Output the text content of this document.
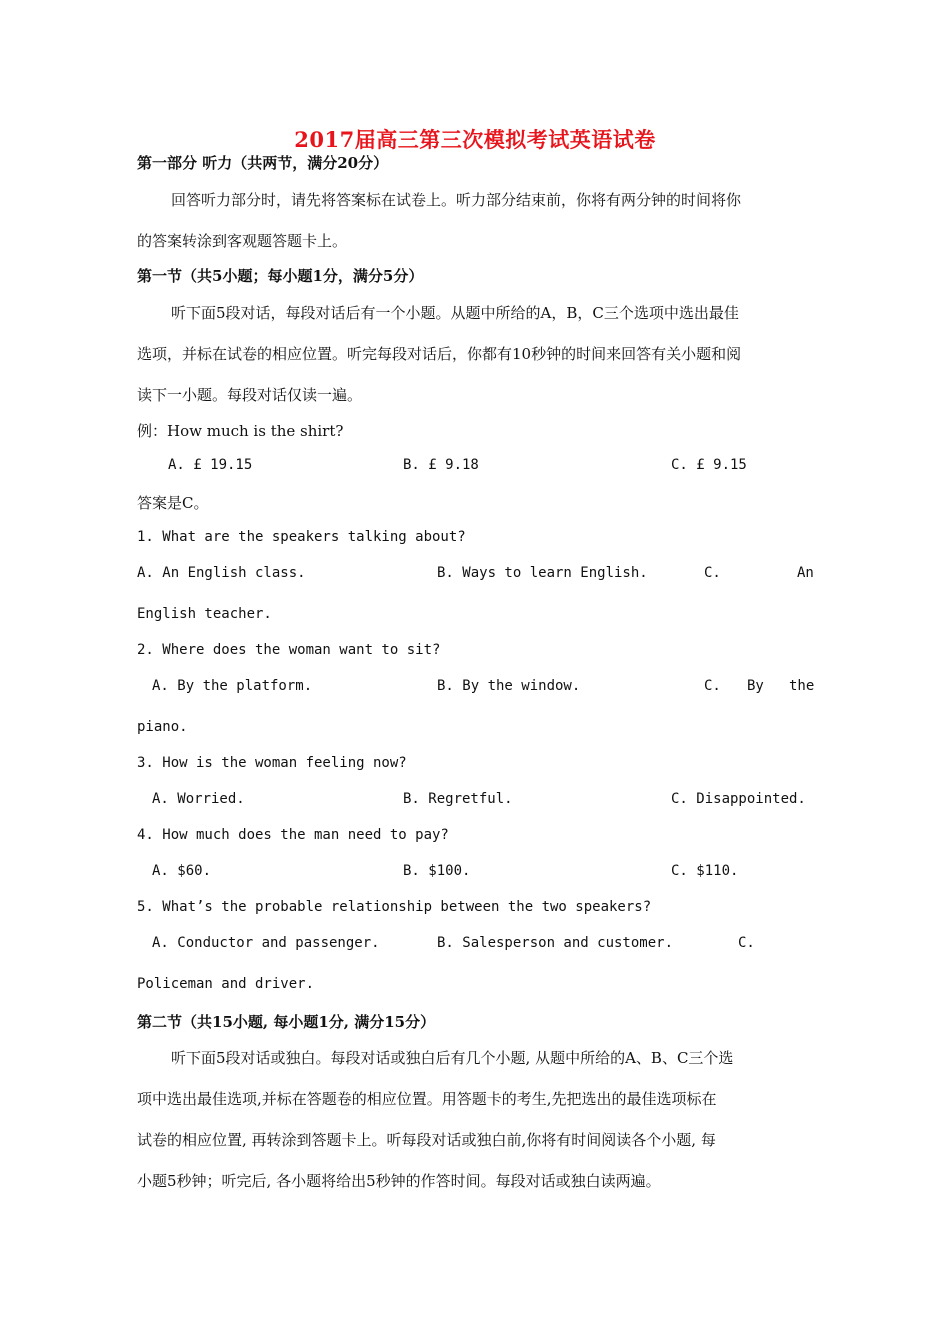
2017届高三第三次模拟考试英语试卷
第一部分 听力（共两节，满分20分）
回答听力部分时，请先将答案标在试卷上。听力部分结束前，你将有两分钟的时间将你
的答案转涂到客观题答题卡上。
第一节（共5小题；每小题1分，满分5分）
听下面5段对话，每段对话后有一个小题。从题中所给的A，B，C三个选项中选出最佳
选项，并标在试卷的相应位置。听完每段对话后，你都有10秒钟的时间来回答有关小题和阅
读下一小题。每段对话仅读一遍。
例：How much is the shirt?
A. £ 19.15	B. £ 9.18	C. £ 9.15
答案是C。
1. What are the speakers talking about?
A. An English class.	B. Ways to learn English.	C.	An
English teacher.
2. Where does the woman want to sit?
A. By the platform.	B. By the window.	C. By the
piano.
3. How is the woman feeling now?
A. Worried.	B. Regretful.	C. Disappointed.
4. How much does the man need to pay?
A. $60.	B. $100.	C. $110.
5. What’s the probable relationship between the two speakers?
A. Conductor and passenger.	B. Salesperson and customer.	C.
Policeman and driver.
第二节（共15小题, 每小题1分, 满分15分）
听下面5段对话或独白。每段对话或独白后有几个小题, 从题中所给的A、B、C三个选
项中选出最佳选项,并标在答题卷的相应位置。用答题卡的考生,先把选出的最佳选项标在
试卷的相应位置, 再转涂到答题卡上。听每段对话或独白前,你将有时间阅读各个小题, 每
小题5秒钟；听完后, 各小题将给出5秒钟的作答时间。每段对话或独白读两遍。
